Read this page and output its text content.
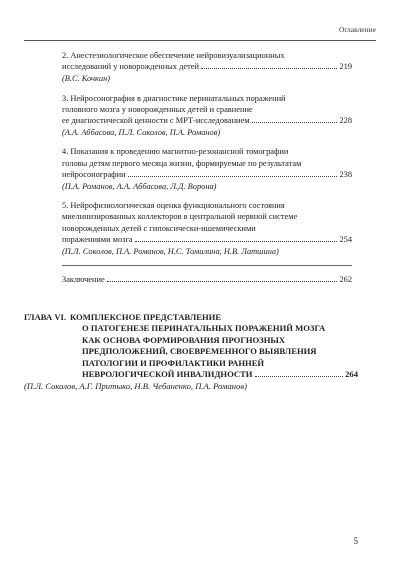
Оглавление
2. Анестезиологическое обеспечение нейровизуализационных
исследований у новорожденных детей	219
(В.С. Кочкин)
3. Нейросонография в диагностике перинатальных поражений
головного мозга у новорожденных детей и сравнение
ее диагностической ценности с МРТ-исследованием	228
(А.А. Аббасова, П.Л. Соколов, П.А. Романов)
4. Показания к проведению магнитно-резонансной томографии
головы детям первого месяца жизни, формируемые по результатам
нейросонографии	238
(П.А. Романов, А.А. Аббасова, Л.Д. Ворона)
5. Нейрофизиологическая оценка функционального состояния
миелинизированных коллекторов в центральной нервной системе
новорожденных детей с гипоксически-ишемическими
поражениями мозга	254
(П.Л. Соколов, П.А. Романов, Н.С. Томилина, Н.В. Латшина)
Заключение	262
ГЛАВА VI. КОМПЛЕКСНОЕ ПРЕДСТАВЛЕНИЕ
О ПАТОГЕНЕЗЕ ПЕРИНАТАЛЬНЫХ ПОРАЖЕНИЙ МОЗГА
КАК ОСНОВА ФОРМИРОВАНИЯ ПРОГНОЗНЫХ
ПРЕДПОЛОЖЕНИЙ, СВОЕВРЕМЕННОГО ВЫЯВЛЕНИЯ
ПАТОЛОГИИ И ПРОФИЛАКТИКИ РАННЕЙ
НЕВРОЛОГИЧЕСКОЙ ИНВАЛИДНОСТИ	264
(П.Л. Соколов, А.Г. Притыко, Н.В. Чебаненко, П.А. Романов)
5
